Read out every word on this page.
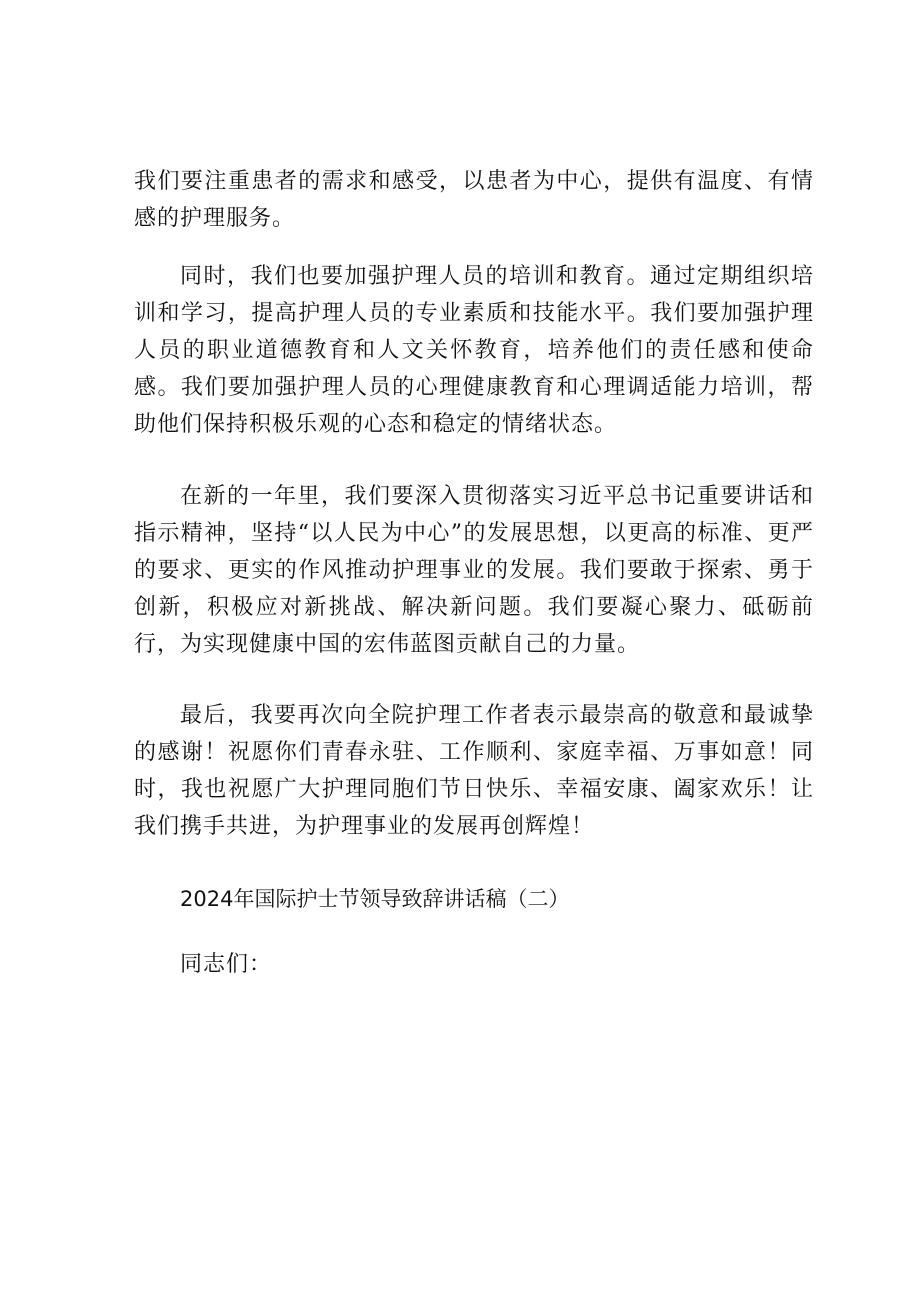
我们要注重患者的需求和感受，以患者为中心，提供有温度、有情感的护理服务。

同时，我们也要加强护理人员的培训和教育。通过定期组织培训和学习，提高护理人员的专业素质和技能水平。我们要加强护理人员的职业道德教育和人文关怀教育，培养他们的责任感和使命感。我们要加强护理人员的心理健康教育和心理调适能力培训，帮助他们保持积极乐观的心态和稳定的情绪状态。

在新的一年里，我们要深入贯彻落实习近平总书记重要讲话和指示精神，坚持“以人民为中心”的发展思想，以更高的标准、更严的要求、更实的作风推动护理事业的发展。我们要敢于探索、勇于创新，积极应对新挑战、解决新问题。我们要凝心聚力、砥砺前行，为实现健康中国的宏伟蓝图贡献自己的力量。

最后，我要再次向全院护理工作者表示最崇高的敬意和最诚挚的感谢！祝愿你们青春永驻、工作顺利、家庭幸福、万事如意！同时，我也祝愿广大护理同胞们节日快乐、幸福安康、阖家欢乐！让我们携手共进，为护理事业的发展再创辉煌！

2024年国际护士节领导致辞讲话稿（二）
同志们：
